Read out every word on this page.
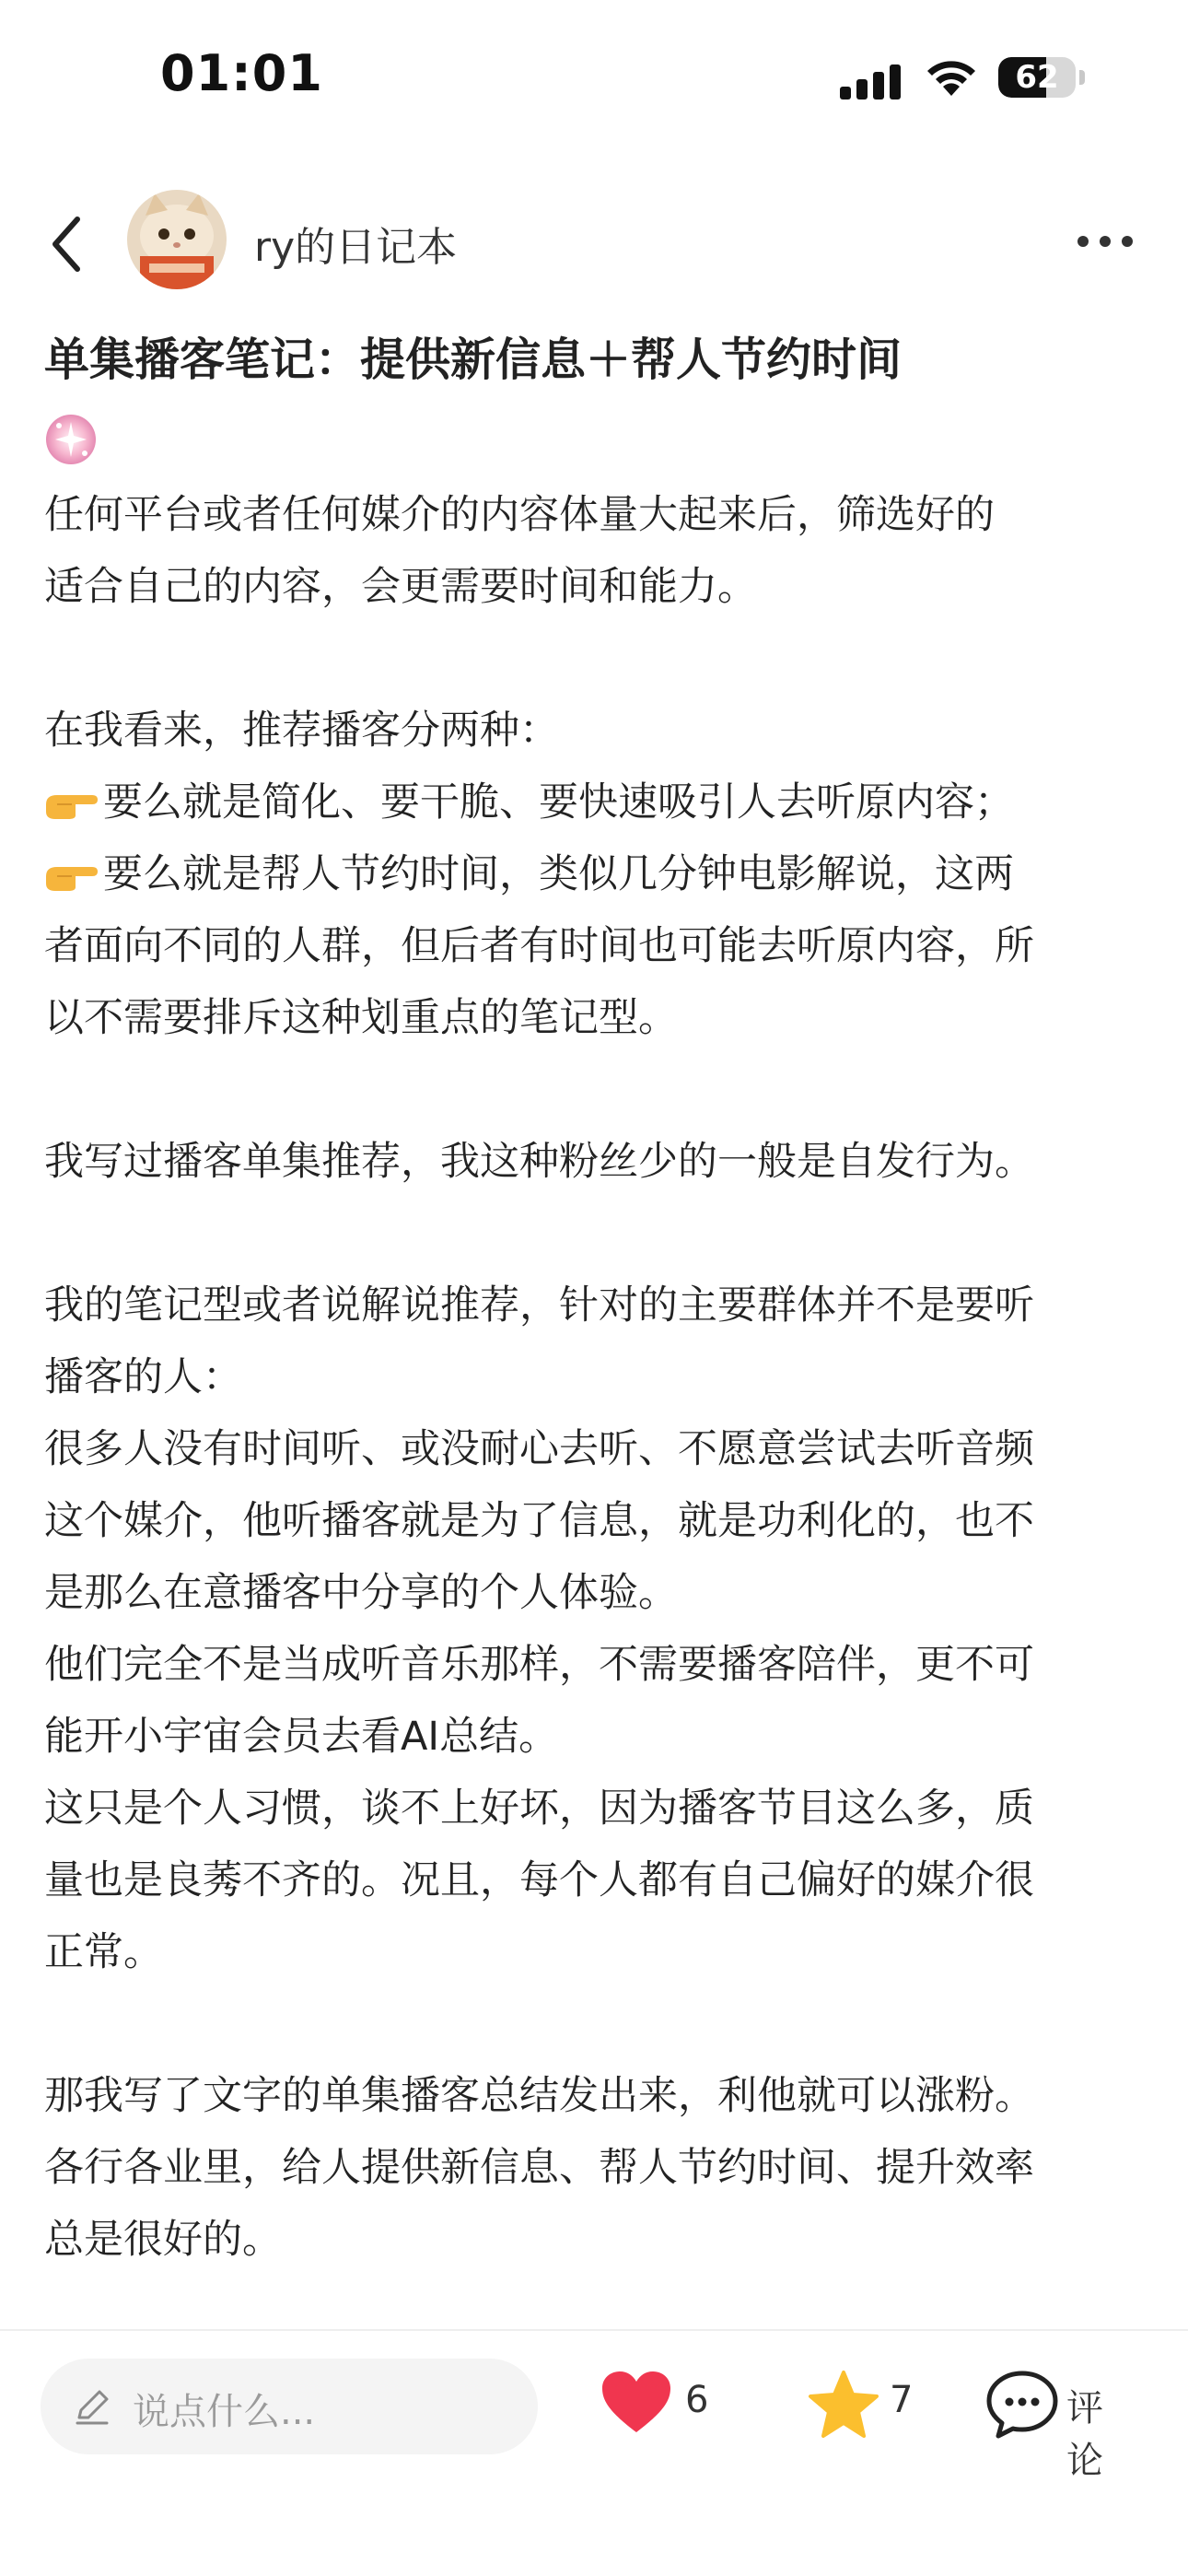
01:01	62
ry的日记本
单集播客笔记：提供新信息＋帮人节约时间

任何平台或者任何媒介的内容体量大起来后，筛选好的

适合自己的内容，会更需要时间和能力。

在我看来，推荐播客分两种：

要么就是简化、要干脆、要快速吸引人去听原内容；

要么就是帮人节约时间，类似几分钟电影解说，这两

者面向不同的人群，但后者有时间也可能去听原内容，所

以不需要排斥这种划重点的笔记型。

我写过播客单集推荐，我这种粉丝少的一般是自发行为。

我的笔记型或者说解说推荐，针对的主要群体并不是要听

播客的人：

很多人没有时间听、或没耐心去听、不愿意尝试去听音频

这个媒介，他听播客就是为了信息，就是功利化的，也不

是那么在意播客中分享的个人体验。

他们完全不是当成听音乐那样，不需要播客陪伴，更不可

能开小宇宙会员去看AI总结。

这只是个人习惯，谈不上好坏，因为播客节目这么多，质

量也是良莠不齐的。况且，每个人都有自己偏好的媒介很

正常。

那我写了文字的单集播客总结发出来，利他就可以涨粉。

各行各业里，给人提供新信息、帮人节约时间、提升效率

总是很好的。

说点什么...	6	7	评论
